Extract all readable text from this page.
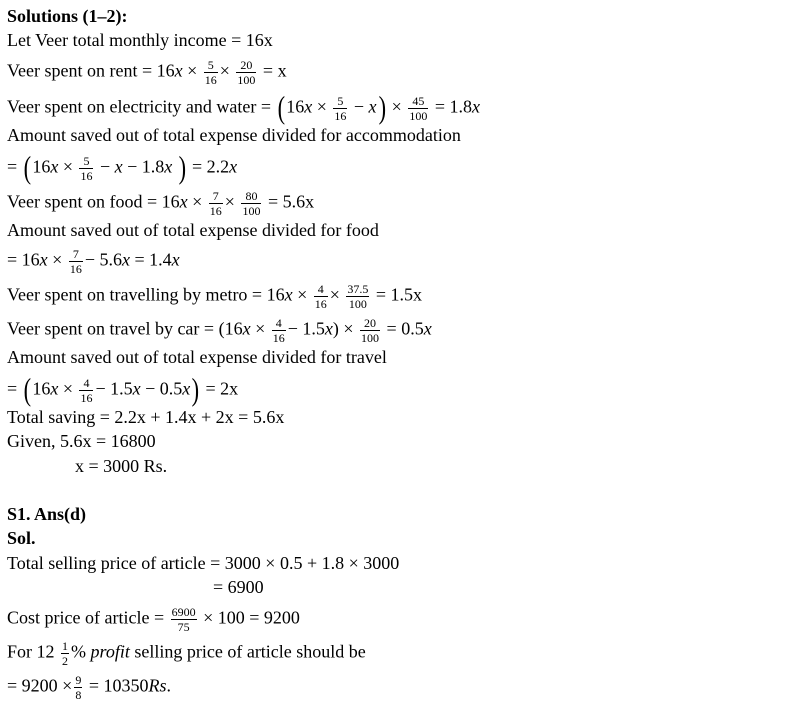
Solutions (1–2):
Let Veer total monthly income = 16x
Veer spent on rent = $16x \times \frac{5}{16} \times \frac{20}{100} = x$
Veer spent on electricity and water = $(16x \times \frac{5}{16} - x) \times \frac{45}{100} = 1.8x$
Amount saved out of total expense divided for accommodation
= ($16x \times \frac{5}{16} - x - 1.8x$ ) = 2.2x
Veer spent on food = $16x \times \frac{7}{16} \times \frac{80}{100} = 5.6x$
Amount saved out of total expense divided for food
= $16x \times \frac{7}{16} - 5.6x = 1.4x$
Veer spent on travelling by metro = $16x \times \frac{4}{16} \times \frac{37.5}{100} = 1.5x$
Veer spent on travel by car = $(16x \times \frac{4}{16} - 1.5x) \times \frac{20}{100} = 0.5x$
Amount saved out of total expense divided for travel
= $(16x \times \frac{4}{16} - 1.5x - 0.5x) = 2x$
Total saving = 2.2x + 1.4x + 2x = 5.6x
Given, 5.6x = 16800
x = 3000 Rs.
S1. Ans(d)
Sol.
Total selling price of article = 3000 × 0.5 + 1.8 × 3000
= 6900
Cost price of article = $\frac{6900}{75} \times 100 = 9200$
For $12 \frac{1}{2}$ % profit selling price of article should be
= $9200 \times \frac{9}{8} = 10350Rs$.
